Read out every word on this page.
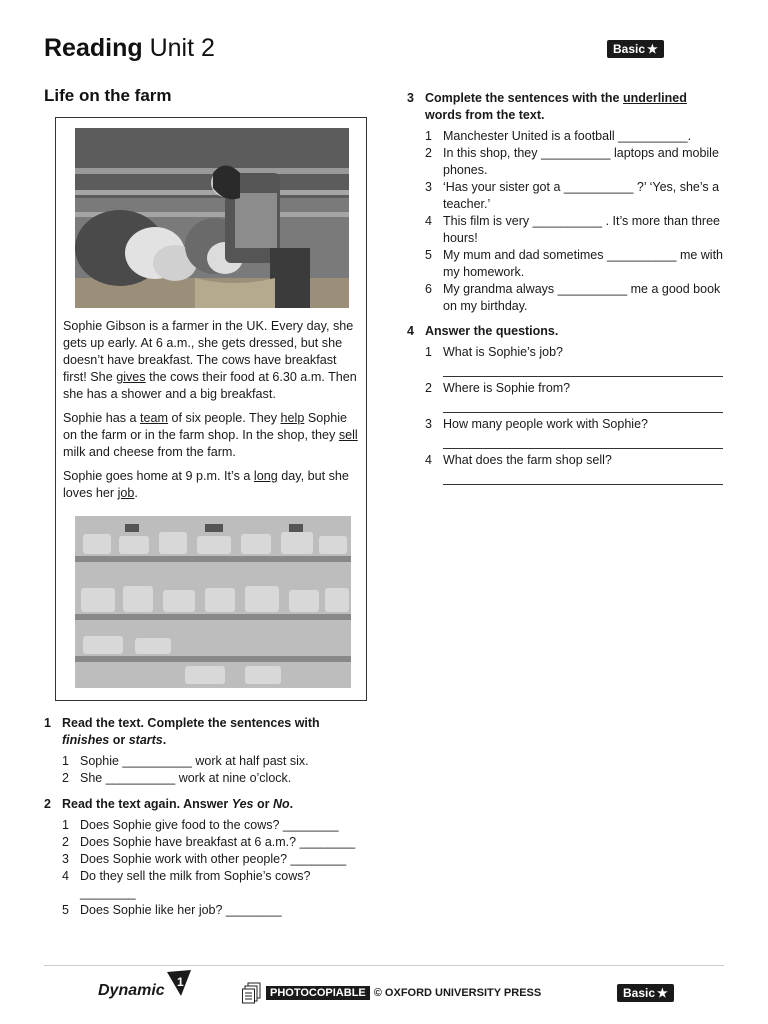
Reading Unit 2	Basic ★
Life on the farm

Sophie Gibson is a farmer in the UK. Every day, she gets up early. At 6 a.m., she gets dressed, but she doesn’t have breakfast. The cows have breakfast first! She gives the cows their food at 6.30 a.m. Then she has a shower and a big breakfast.

Sophie has a team of six people. They help Sophie on the farm or in the farm shop. In the shop, they sell milk and cheese from the farm.

Sophie goes home at 9 p.m. It’s a long day, but she loves her job.

1 Read the text. Complete the sentences with finishes or starts.
1 Sophie __________ work at half past six.
2 She __________ work at nine o’clock.
2 Read the text again. Answer Yes or No.
1 Does Sophie give food to the cows? ________
2 Does Sophie have breakfast at 6 a.m.? ________
3 Does Sophie work with other people? ________
4 Do they sell the milk from Sophie’s cows? ________
5 Does Sophie like her job? ________
3 Complete the sentences with the underlined words from the text.
1 Manchester United is a football __________.
2 In this shop, they __________ laptops and mobile phones.
3 ‘Has your sister got a __________ ?’ ‘Yes, she’s a teacher.’
4 This film is very __________ . It’s more than three hours!
5 My mum and dad sometimes __________ me with my homework.
6 My grandma always __________ me a good book on my birthday.
4 Answer the questions.
1 What is Sophie’s job?
2 Where is Sophie from?
3 How many people work with Sophie?
4 What does the farm shop sell?
Dynamic 1
PHOTOCOPIABLE © OXFORD UNIVERSITY PRESS	Basic ★
